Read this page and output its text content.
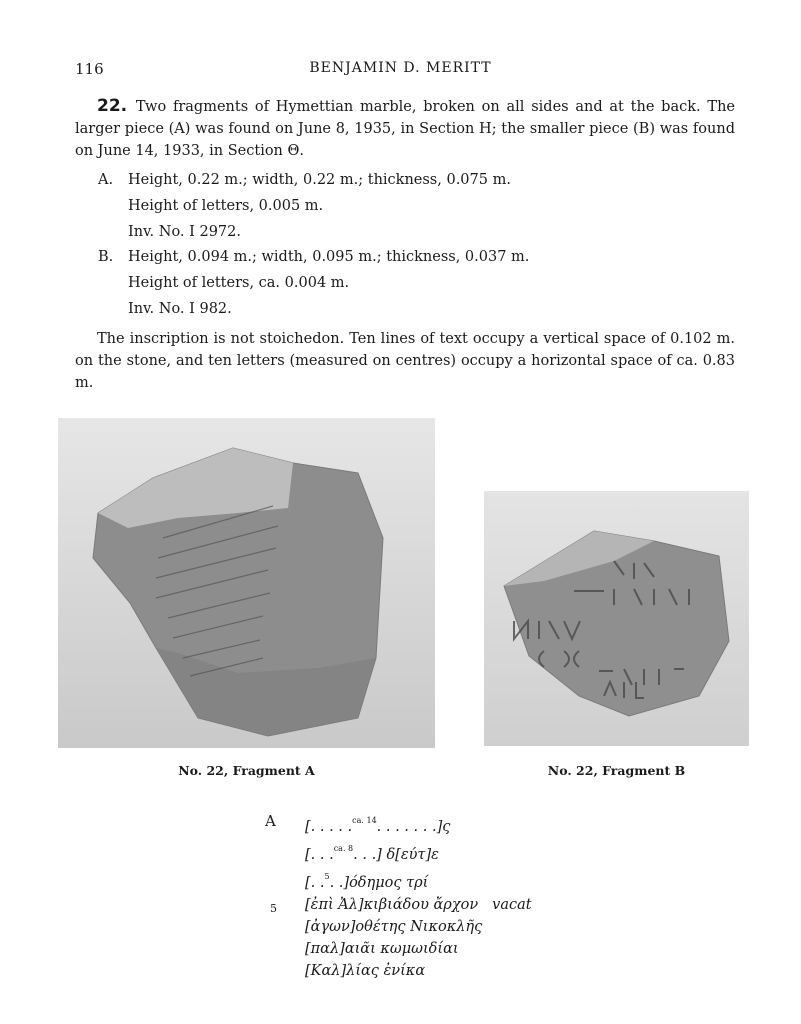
116	BENJAMIN D. MERITT
22. Two fragments of Hymettian marble, broken on all sides and at the back. The larger piece (A) was found on June 8, 1935, in Section H; the smaller piece (B) was found on June 14, 1933, in Section Θ.
A. Height, 0.22 m.; width, 0.22 m.; thickness, 0.075 m.
Height of letters, 0.005 m.
Inv. No. I 2972.
B. Height, 0.094 m.; width, 0.095 m.; thickness, 0.037 m.
Height of letters, ca. 0.004 m.
Inv. No. I 982.
The inscription is not stoichedon. Ten lines of text occupy a vertical space of 0.102 m. on the stone, and ten letters (measured on centres) occupy a horizontal space of ca. 0.83 m.
No. 22, Fragment A	No. 22, Fragment B
A
5
[. . . . .$^{ca. 14}$. . . . . . .]ς
[. . .$^{ca. 8}$. . .] δ[εύτ]ε
[. .$^5$. .]όδημος τρί
[ἐπὶ Ἀλ]κιβιάδου ἄρχον vacat
[ἀγων]οθέτης Νικοκλῆς
[παλ]αιᾶι κωμωιδίαι
[Καλ]λίας ἐνίκα
